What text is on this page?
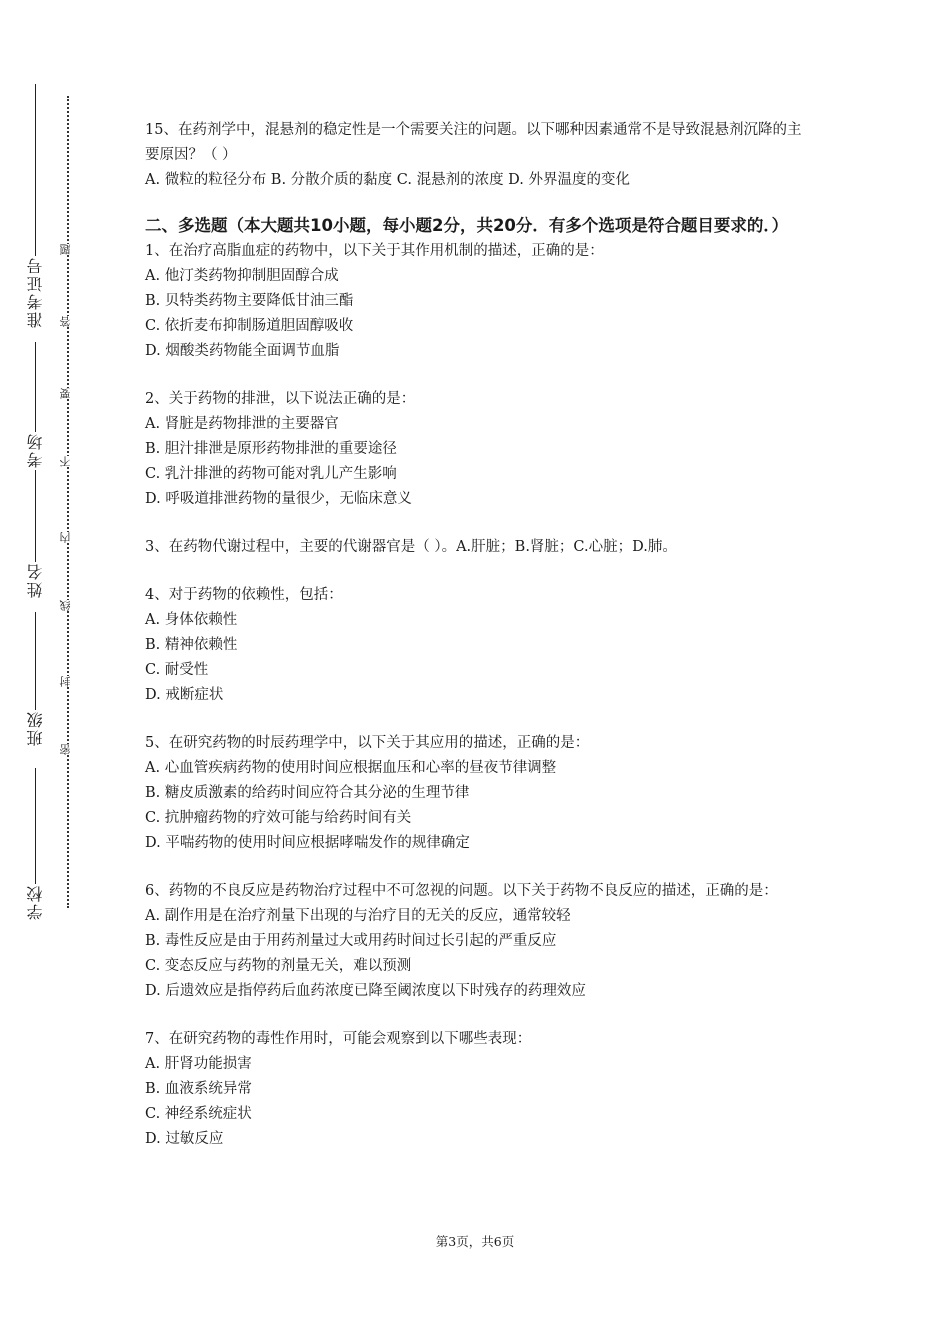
准考证号
考场
姓名
班级
学校
题
答
要
不
内
线
封
密
15、在药剂学中，混悬剂的稳定性是一个需要关注的问题。以下哪种因素通常不是导致混悬剂沉降的主要原因？（ ）
A. 微粒的粒径分布 B. 分散介质的黏度 C. 混悬剂的浓度 D. 外界温度的变化
二、多选题（本大题共10小题，每小题2分，共20分．有多个选项是符合题目要求的．）
1、在治疗高脂血症的药物中，以下关于其作用机制的描述，正确的是：
A. 他汀类药物抑制胆固醇合成
B. 贝特类药物主要降低甘油三酯
C. 依折麦布抑制肠道胆固醇吸收
D. 烟酸类药物能全面调节血脂
2、关于药物的排泄，以下说法正确的是：
A. 肾脏是药物排泄的主要器官
B. 胆汁排泄是原形药物排泄的重要途径
C. 乳汁排泄的药物可能对乳儿产生影响
D. 呼吸道排泄药物的量很少，无临床意义
3、在药物代谢过程中，主要的代谢器官是（ ）。A.肝脏；B.肾脏；C.心脏；D.肺。
4、对于药物的依赖性，包括：
A. 身体依赖性
B. 精神依赖性
C. 耐受性
D. 戒断症状
5、在研究药物的时辰药理学中，以下关于其应用的描述，正确的是：
A. 心血管疾病药物的使用时间应根据血压和心率的昼夜节律调整
B. 糖皮质激素的给药时间应符合其分泌的生理节律
C. 抗肿瘤药物的疗效可能与给药时间有关
D. 平喘药物的使用时间应根据哮喘发作的规律确定
6、药物的不良反应是药物治疗过程中不可忽视的问题。以下关于药物不良反应的描述，正确的是：
A. 副作用是在治疗剂量下出现的与治疗目的无关的反应，通常较轻
B. 毒性反应是由于用药剂量过大或用药时间过长引起的严重反应
C. 变态反应与药物的剂量无关，难以预测
D. 后遗效应是指停药后血药浓度已降至阈浓度以下时残存的药理效应
7、在研究药物的毒性作用时，可能会观察到以下哪些表现：
A. 肝肾功能损害
B. 血液系统异常
C. 神经系统症状
D. 过敏反应
第3页，共6页
